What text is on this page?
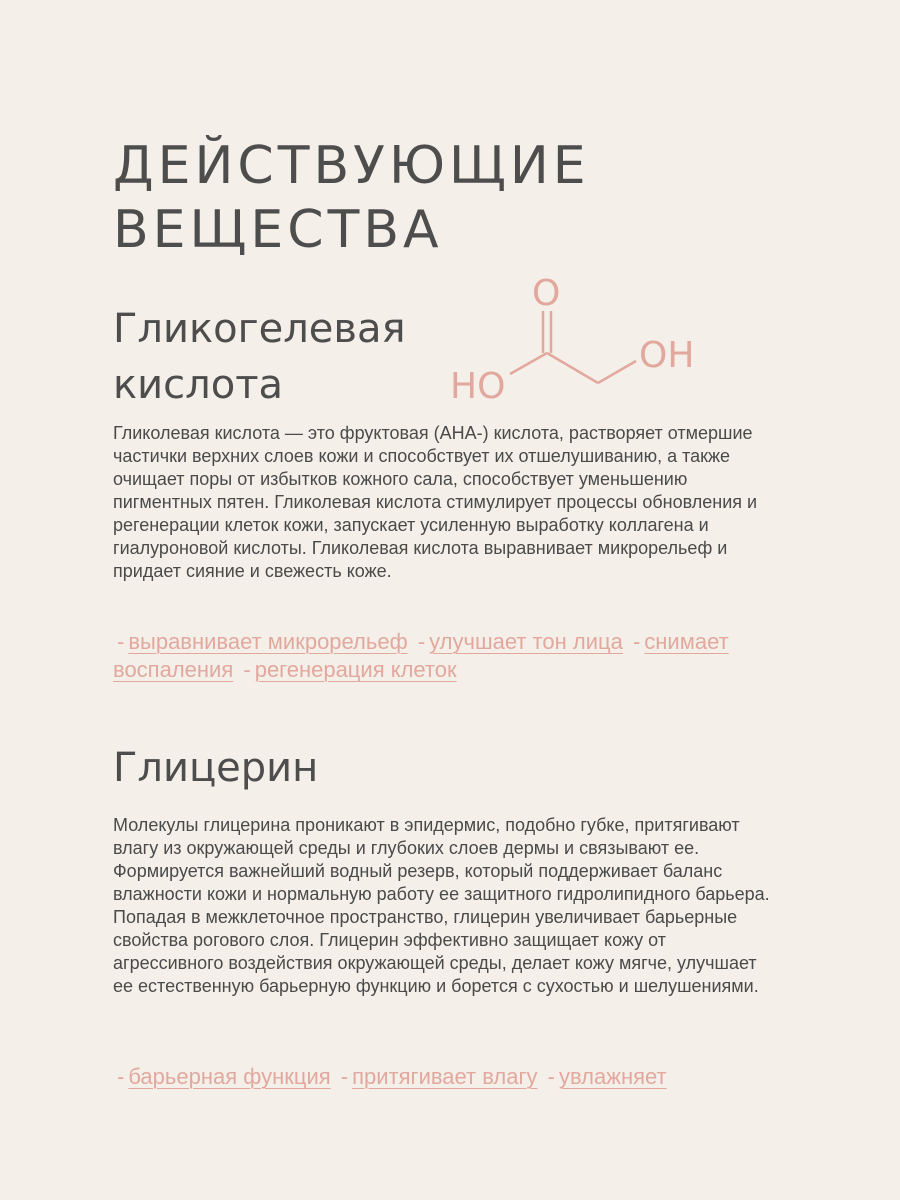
ДЕЙСТВУЮЩИЕ
ВЕЩЕСТВА
Гликогелевая
кислота
O
OH
HO

Гликолевая кислота — это фруктовая (АНА-) кислота, растворяет отмершие частички верхних слоев кожи и способствует их отшелушиванию, а также очищает поры от избытков кожного сала, способствует уменьшению пигментных пятен. Гликолевая кислота стимулирует процессы обновления и регенерации клеток кожи, запускает усиленную выработку коллагена и гиалуроновой кислоты. Гликолевая кислота выравнивает микрорельеф и придает сияние и свежесть коже.

- выравнивает микрорельеф - улучшает тон лица - снимает воспаления - регенерация клеток

Глицерин

Молекулы глицерина проникают в эпидермис, подобно губке, притягивают влагу из окружающей среды и глубоких слоев дермы и связывают ее. Формируется важнейший водный резерв, который поддерживает баланс влажности кожи и нормальную работу ее защитного гидролипидного барьера. Попадая в межклеточное пространство, глицерин увеличивает барьерные свойства рогового слоя. Глицерин эффективно защищает кожу от агрессивного воздействия окружающей среды, делает кожу мягче, улучшает ее естественную барьерную функцию и борется с сухостью и шелушениями.

- барьерная функция - притягивает влагу - увлажняет
